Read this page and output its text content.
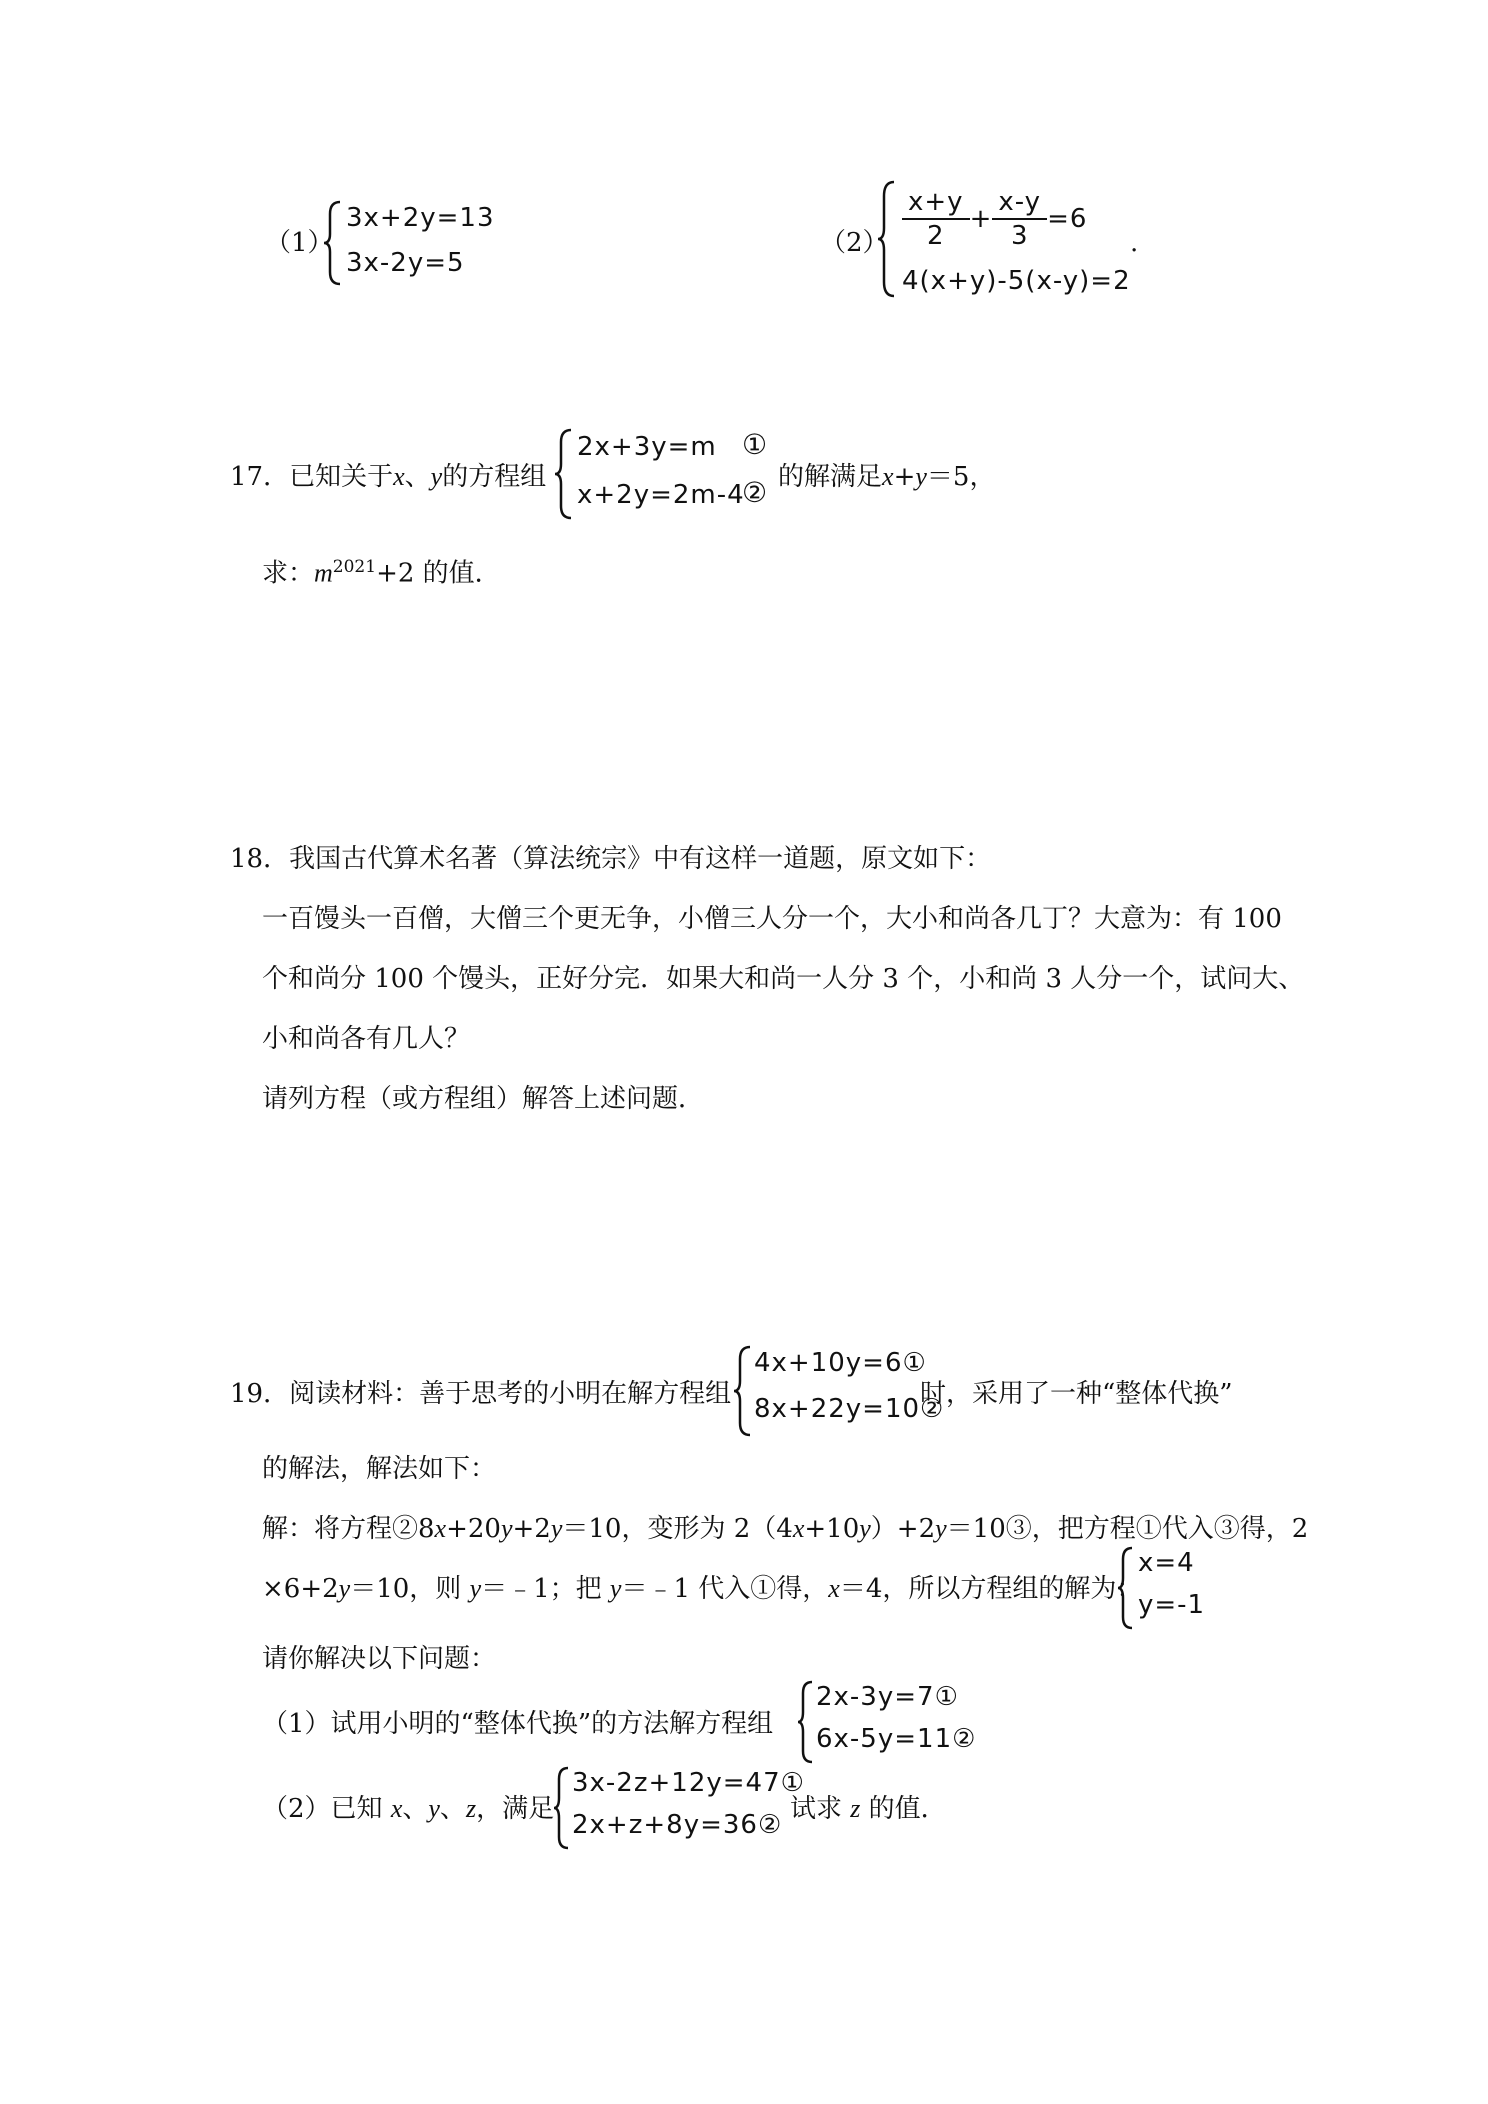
（1）
3x+2y=13
3x-2y=5
$(2) \frac{x+y}{2} + \frac{x-y}{3} =6$
4(x+y)-5(x-y)=2
.
17．已知关于x、y的方程组
2x+3y=m ①
x+2y=2m-4
② 的解满足x+y＝5，
求：$m^{2021}+2$ 的值．
18．我国古代算术名著（算法统宗》中有这样一道题，原文如下：
一百馒头一百僧，大僧三个更无争，小僧三人分一个，大小和尚各几丁？大意为：有 100
个和尚分 100 个馒头，正好分完．如果大和尚一人分 3 个，小和尚 3 人分一个，试问大、
小和尚各有几人？
请列方程（或方程组）解答上述问题．
19．阅读材料：善于思考的小明在解方程组
4x+10y=6①
8x+22y=10②
时，采用了一种“整体代换”
的解法，解法如下：
解：将方程②8x+20y+2y＝10，变形为 2（4x+10y）+2y＝10③，把方程①代入③得，2
×6+2y＝10，则 y＝﹣1；把 y＝﹣1 代入①得，x＝4，所以方程组的解为：
x=4
y=-1
请你解决以下问题：
（1）试用小明的“整体代换”的方法解方程组
2x-3y=7①
6x-5y=11②
（2）已知 x、y、z，满足
3x-2z+12y=47①
2x+z+8y=36②
试求 z 的值．
